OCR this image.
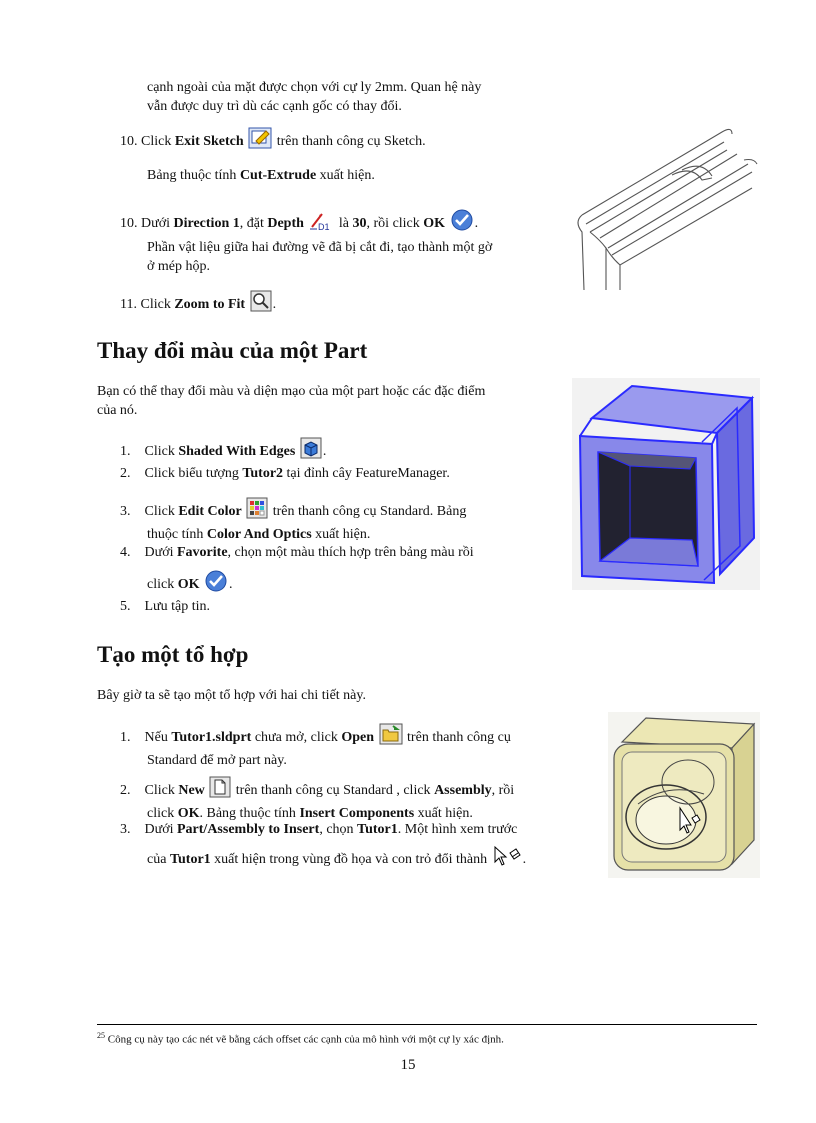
cạnh ngoài của mặt được chọn với cự ly 2mm. Quan hệ này
vẫn được duy trì dù các cạnh gốc có thay đổi.
10. Click Exit Sketch  trên thanh công cụ Sketch.
Bảng thuộc tính Cut-Extrude xuất hiện.
10. Dưới Direction 1, đặt Depth D1 là 30, rồi click OK .
Phần vật liệu giữa hai đường vẽ đã bị cắt đi, tạo thành một gờ
ở mép hộp.
11. Click Zoom to Fit .
Thay đổi màu của một Part
Bạn có thể thay đổi màu và diện mạo của một part hoặc các đặc điểm
của nó.
1. Click Shaded With Edges .
2. Click biểu tượng Tutor2 tại đỉnh cây FeatureManager.
3. Click Edit Color  trên thanh công cụ Standard. Bảng
thuộc tính Color And Optics xuất hiện.
4. Dưới Favorite, chọn một màu thích hợp trên bảng màu rồi
click OK .
5. Lưu tập tin.
Tạo một tổ hợp
Bây giờ ta sẽ tạo một tổ hợp với hai chi tiết này.
1. Nếu Tutor1.sldprt chưa mở, click Open  trên thanh công cụ
Standard để mở part này.
2. Click New  trên thanh công cụ Standard , click Assembly, rồi
click OK. Bảng thuộc tính Insert Components xuất hiện.
3. Dưới Part/Assembly to Insert, chọn Tutor1. Một hình xem trước
của Tutor1 xuất hiện trong vùng đồ họa và con trỏ đổi thành	.
$^{25}$ Công cụ này tạo các nét vẽ bằng cách offset các cạnh của mô hình với một cự ly xác định.
15
